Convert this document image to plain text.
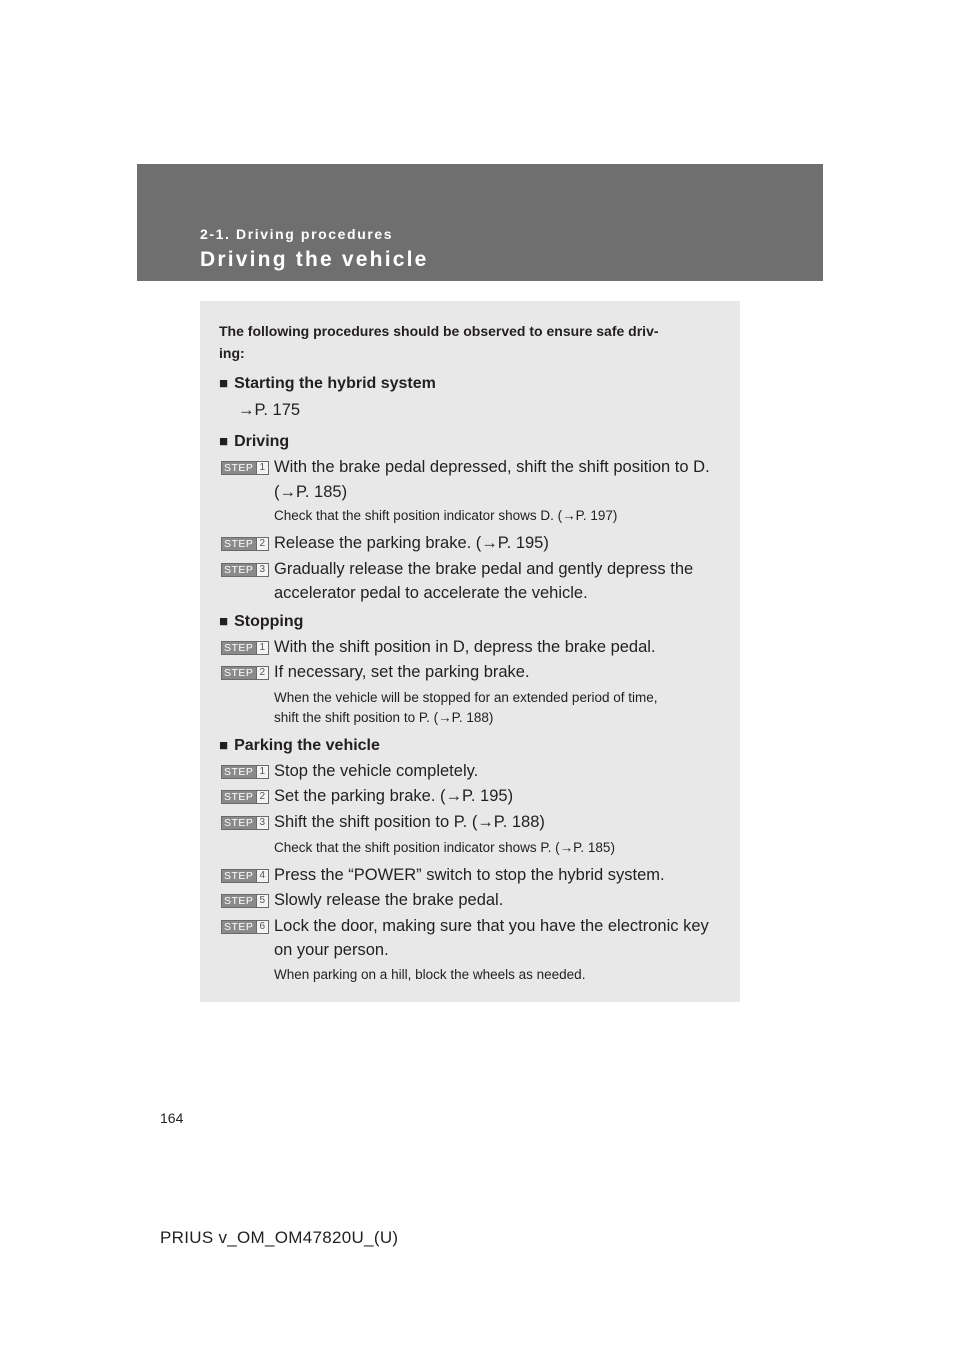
2-1. Driving procedures
Driving the vehicle
The following procedures should be observed to ensure safe driv-
ing:
■ Starting the hybrid system
→P. 175
■ Driving
STEP 1 With the brake pedal depressed, shift the shift position to D.
(→P. 185)
Check that the shift position indicator shows D. (→P. 197)
STEP 2 Release the parking brake. (→P. 195)
STEP 3 Gradually release the brake pedal and gently depress the
accelerator pedal to accelerate the vehicle.
■ Stopping
STEP 1 With the shift position in D, depress the brake pedal.
STEP 2 If necessary, set the parking brake.
When the vehicle will be stopped for an extended period of time,
shift the shift position to P. (→P. 188)
■ Parking the vehicle
STEP 1 Stop the vehicle completely.
STEP 2 Set the parking brake. (→P. 195)
STEP 3 Shift the shift position to P. (→P. 188)
Check that the shift position indicator shows P. (→P. 185)
STEP 4 Press the “POWER” switch to stop the hybrid system.
STEP 5 Slowly release the brake pedal.
STEP 6 Lock the door, making sure that you have the electronic key
on your person.
When parking on a hill, block the wheels as needed.
164
PRIUS v_OM_OM47820U_(U)
